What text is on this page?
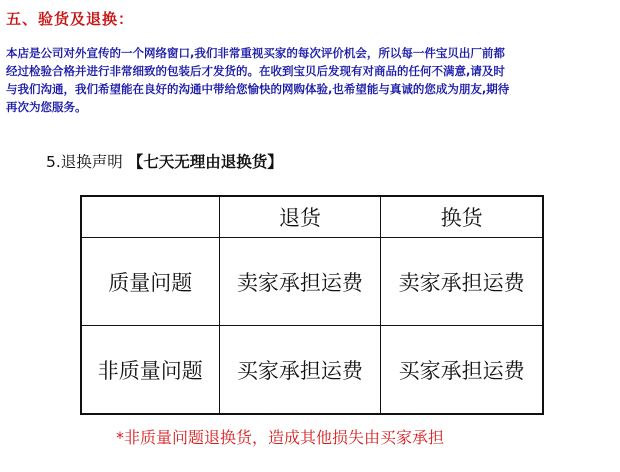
五、验货及退换：
本店是公司对外宣传的一个网络窗口,我们非常重视买家的每次评价机会，所以每一件宝贝出厂前都
经过检验合格并进行非常细致的包装后才发货的。在收到宝贝后发现有对商品的任何不满意,请及时
与我们沟通，我们希望能在良好的沟通中带给您愉快的网购体验,也希望能与真诚的您成为朋友,期待
再次为您服务。
5.退换声明 【七天无理由退换货】
	退货	换货
质量问题	卖家承担运费	卖家承担运费
非质量问题	买家承担运费	买家承担运费
*非质量问题退换货，造成其他损失由买家承担
